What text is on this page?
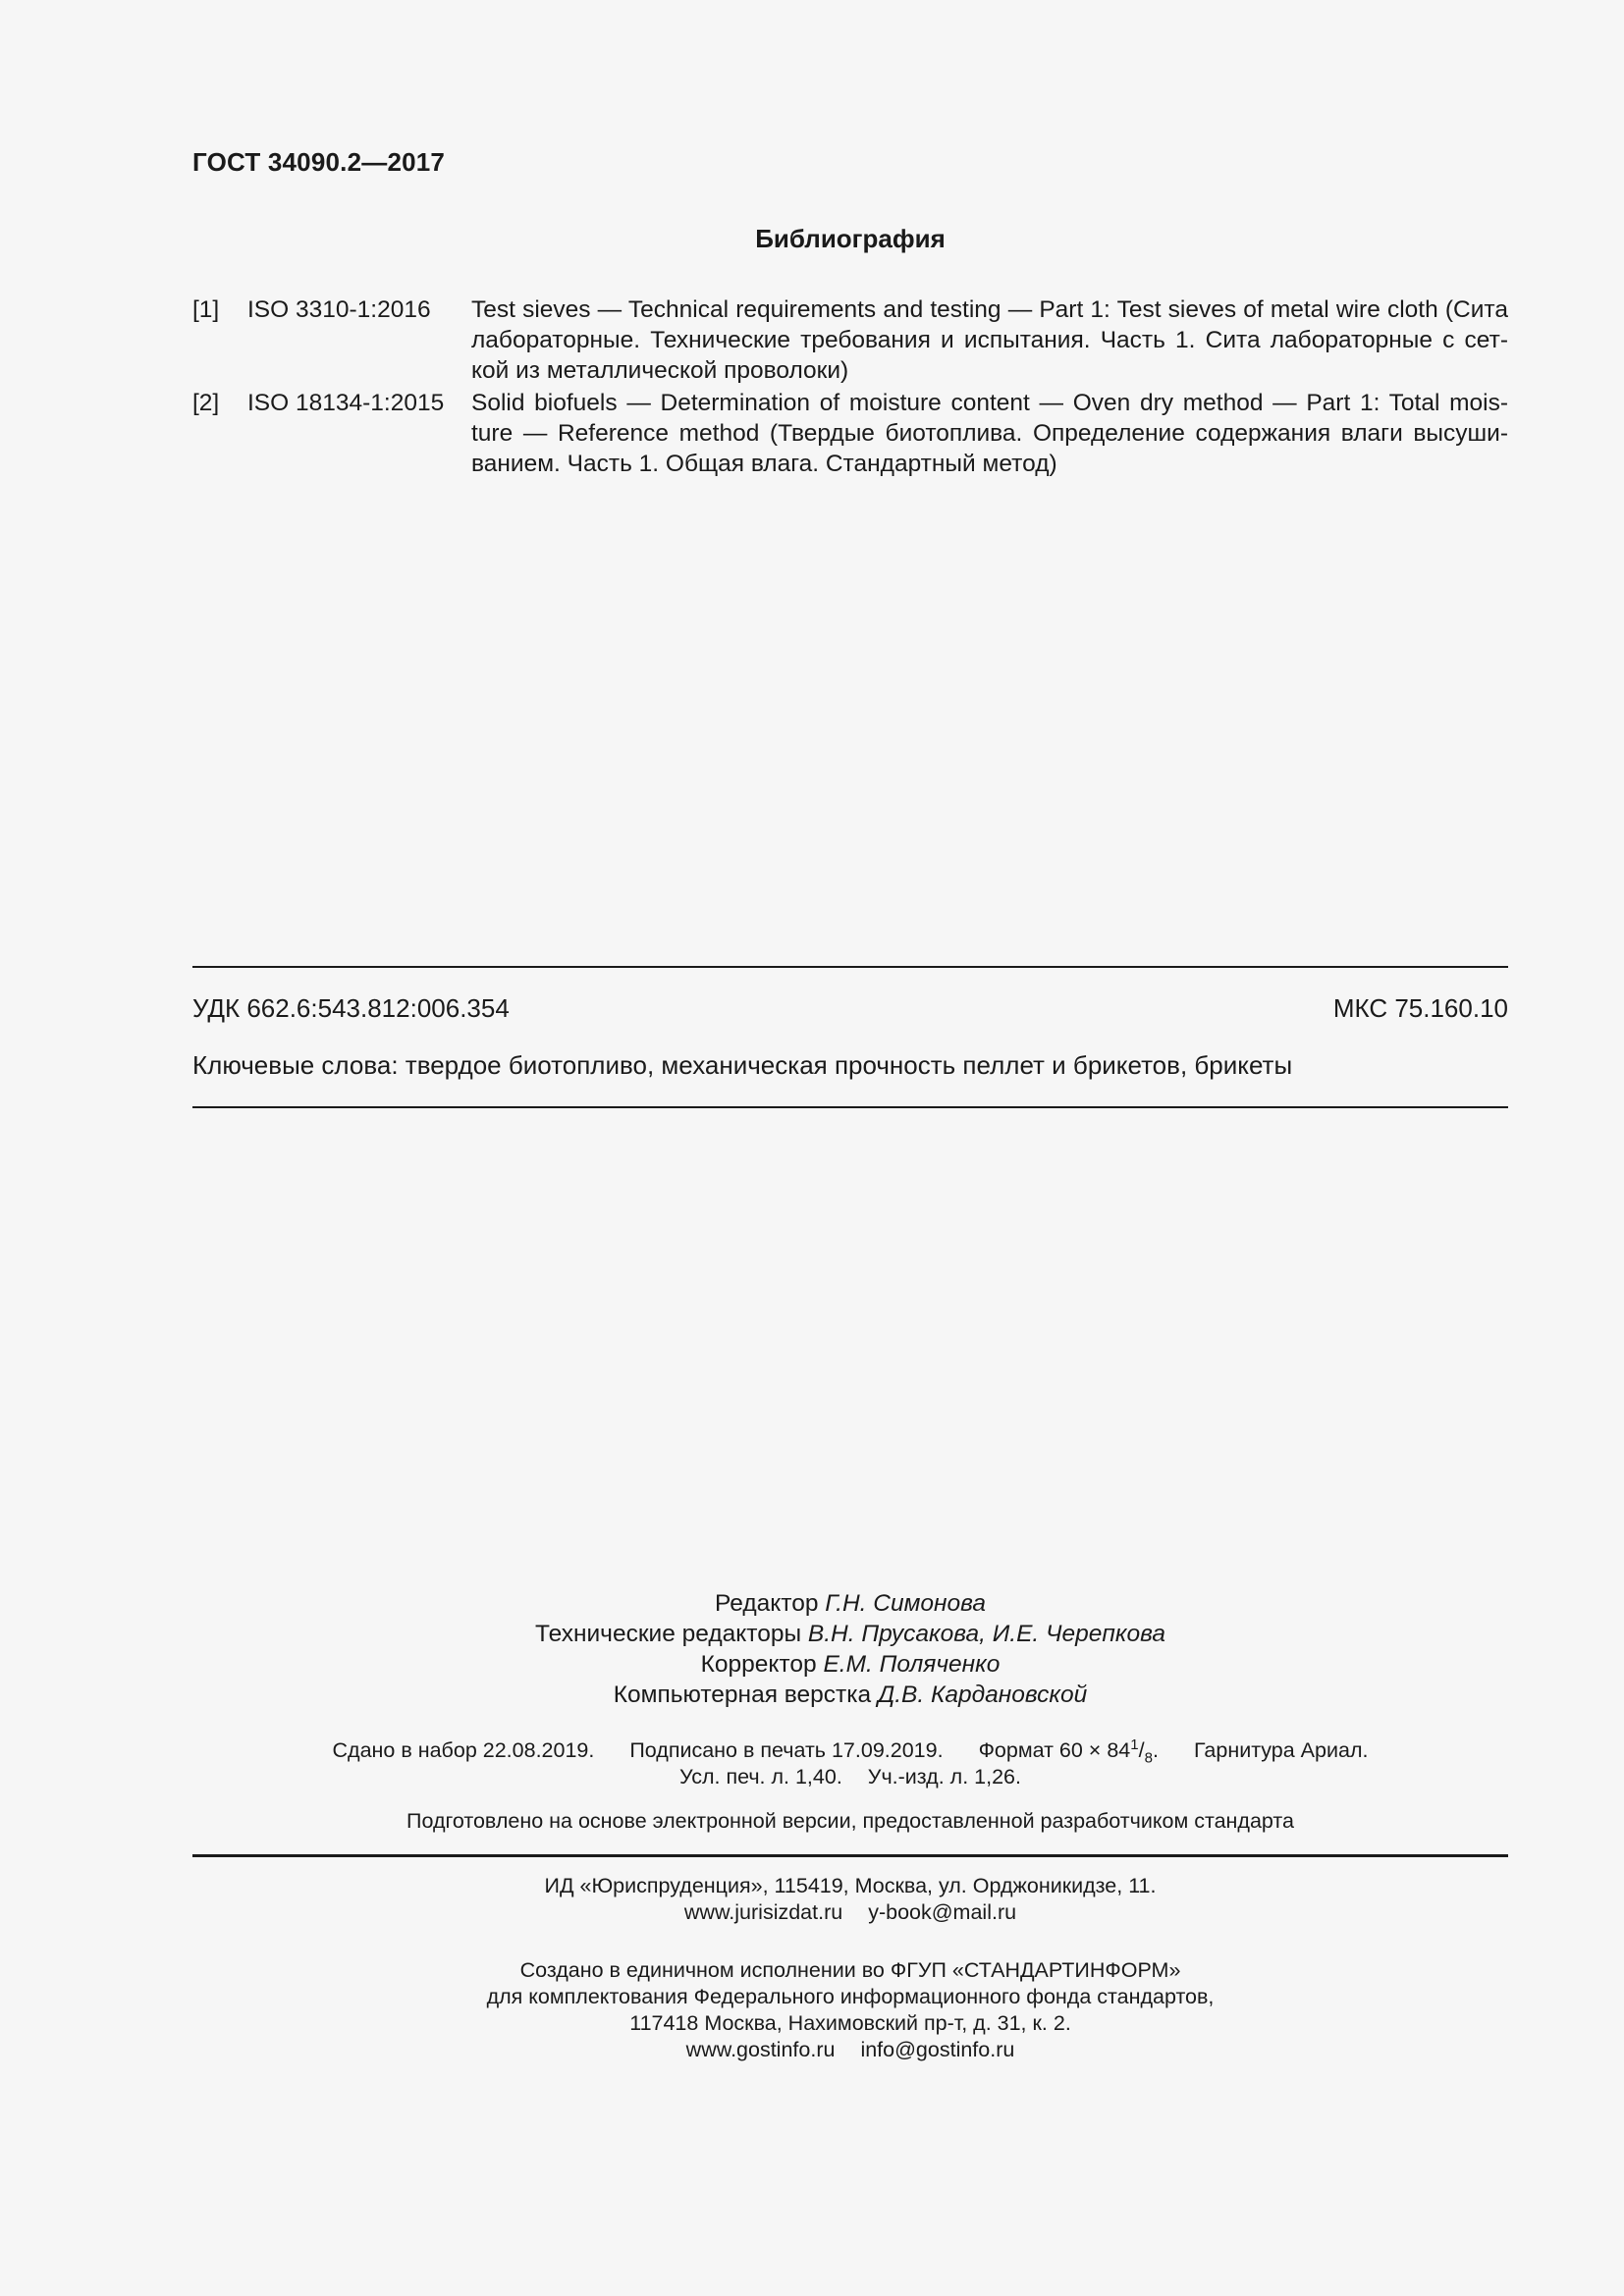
ГОСТ 34090.2—2017
Библиография
[1] ISO 3310-1:2016 Test sieves — Technical requirements and testing — Part 1: Test sieves of metal wire cloth (Сита
лабораторные. Технические требования и испытания. Часть 1. Сита лабораторные с сет-
кой из металлической проволоки)
[2] ISO 18134-1:2015 Solid biofuels — Determination of moisture content — Oven dry method — Part 1: Total mois-
ture — Reference method (Твердые биотоплива. Определение содержания влаги высуши-
ванием. Часть 1. Общая влага. Стандартный метод)
УДК 662.6:543.812:006.354	МКС 75.160.10
Ключевые слова: твердое биотопливо, механическая прочность пеллет и брикетов, брикеты
Редактор Г.Н. Симонова
Технические редакторы В.Н. Прусакова, И.Е. Черепкова
Корректор Е.М. Поляченко
Компьютерная верстка Д.В. Кардановской
Сдано в набор 22.08.2019. Подписано в печать 17.09.2019. Формат $60 \times 84^1/_8$. Гарнитура Ариал.
Усл. печ. л. 1,40. Уч.-изд. л. 1,26.
Подготовлено на основе электронной версии, предоставленной разработчиком стандарта
ИД «Юриспруденция», 115419, Москва, ул. Орджоникидзе, 11.
www.jurisizdat.ru y-book@mail.ru
Создано в единичном исполнении во ФГУП «СТАНДАРТИНФОРМ»
для комплектования Федерального информационного фонда стандартов,
117418 Москва, Нахимовский пр-т, д. 31, к. 2.
www.gostinfo.ru info@gostinfo.ru
